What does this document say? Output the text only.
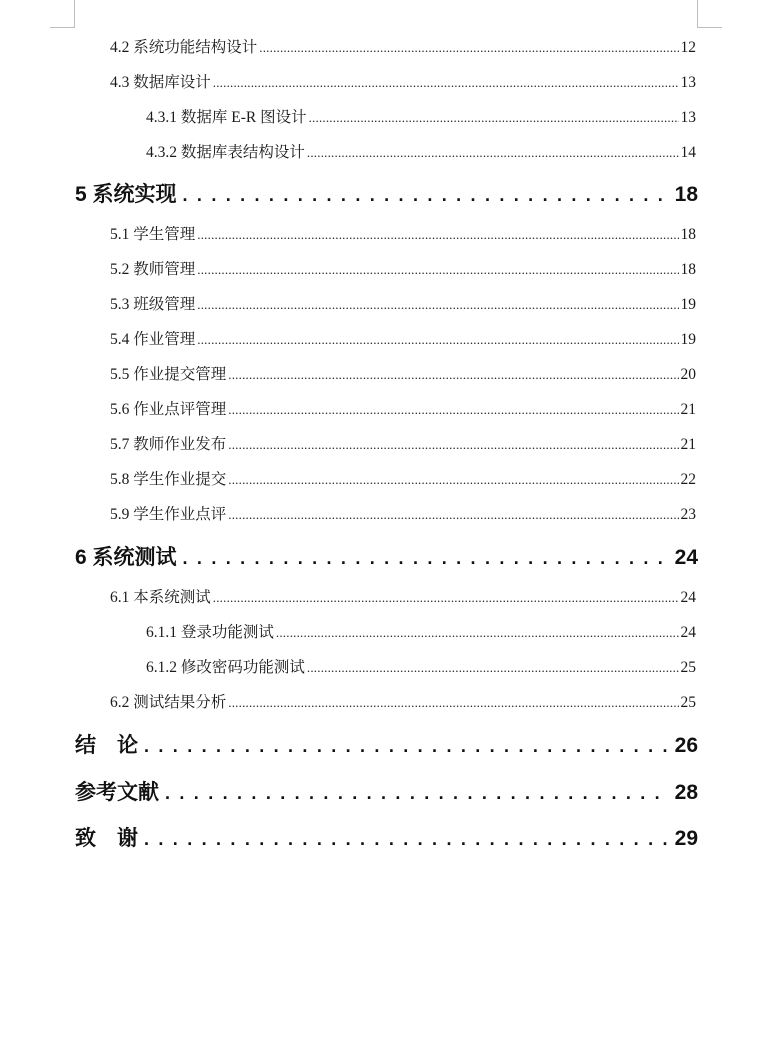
4.2 系统功能结构设计 .....	12
4.3 数据库设计 .....	13
4.3.1 数据库 E-R 图设计 .....	13
4.3.2 数据库表结构设计 .....	14
5 系统实现 . . .	18
5.1 学生管理 .....	18
5.2 教师管理 .....	18
5.3 班级管理 .....	19
5.4 作业管理 .....	19
5.5 作业提交管理 .....	20
5.6 作业点评管理 .....	21
5.7 教师作业发布 .....	21
5.8 学生作业提交 .....	22
5.9 学生作业点评 .....	23
6 系统测试 . . .	24
6.1 本系统测试 .....	24
6.1.1 登录功能测试 .....	24
6.1.2 修改密码功能测试 .....	25
6.2 测试结果分析 .....	25
结　论 . . .	26
参考文献 . . .	28
致　谢 . . .	29
